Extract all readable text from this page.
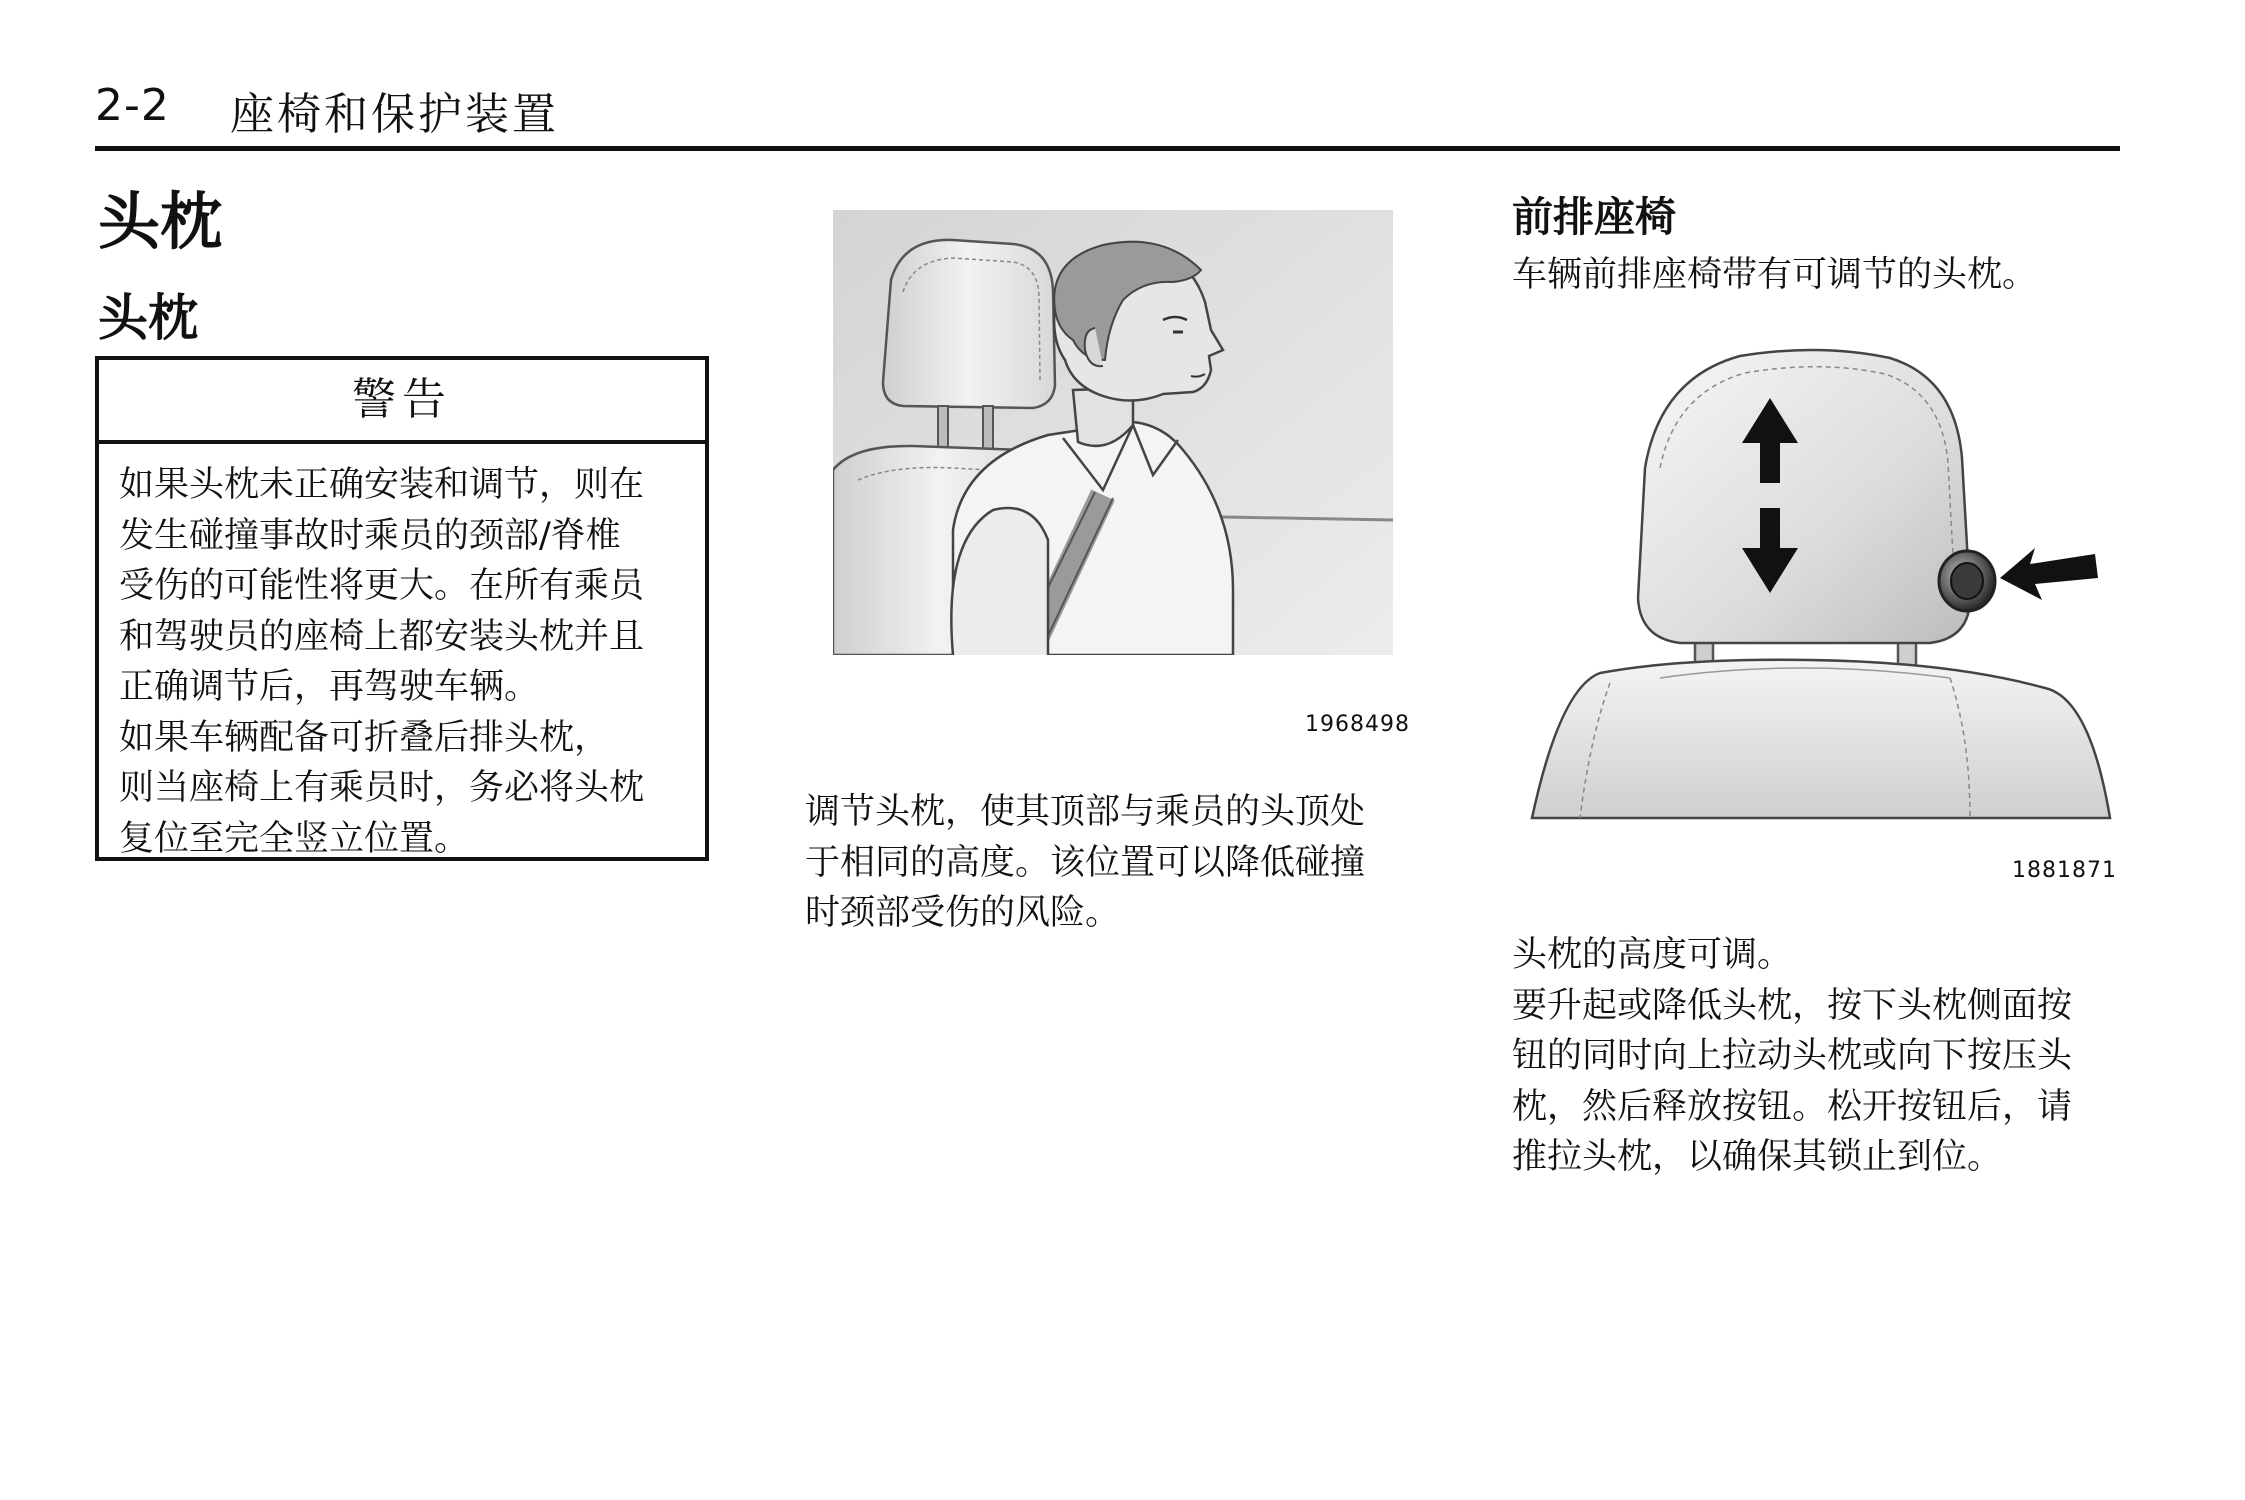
2-2 座椅和保护装置
头枕
头枕
警告

如果头枕未正确安装和调节，则在

发生碰撞事故时乘员的颈部/脊椎

受伤的可能性将更大。在所有乘员

和驾驶员的座椅上都安装头枕并且

正确调节后，再驾驶车辆。

如果车辆配备可折叠后排头枕，

则当座椅上有乘员时，务必将头枕

复位至完全竖立位置。

1968498

调节头枕，使其顶部与乘员的头顶处

于相同的高度。该位置可以降低碰撞

时颈部受伤的风险。

前排座椅
车辆前排座椅带有可调节的头枕。
1881871

头枕的高度可调。

要升起或降低头枕，按下头枕侧面按

钮的同时向上拉动头枕或向下按压头

枕，然后释放按钮。松开按钮后，请

推拉头枕，以确保其锁止到位。
